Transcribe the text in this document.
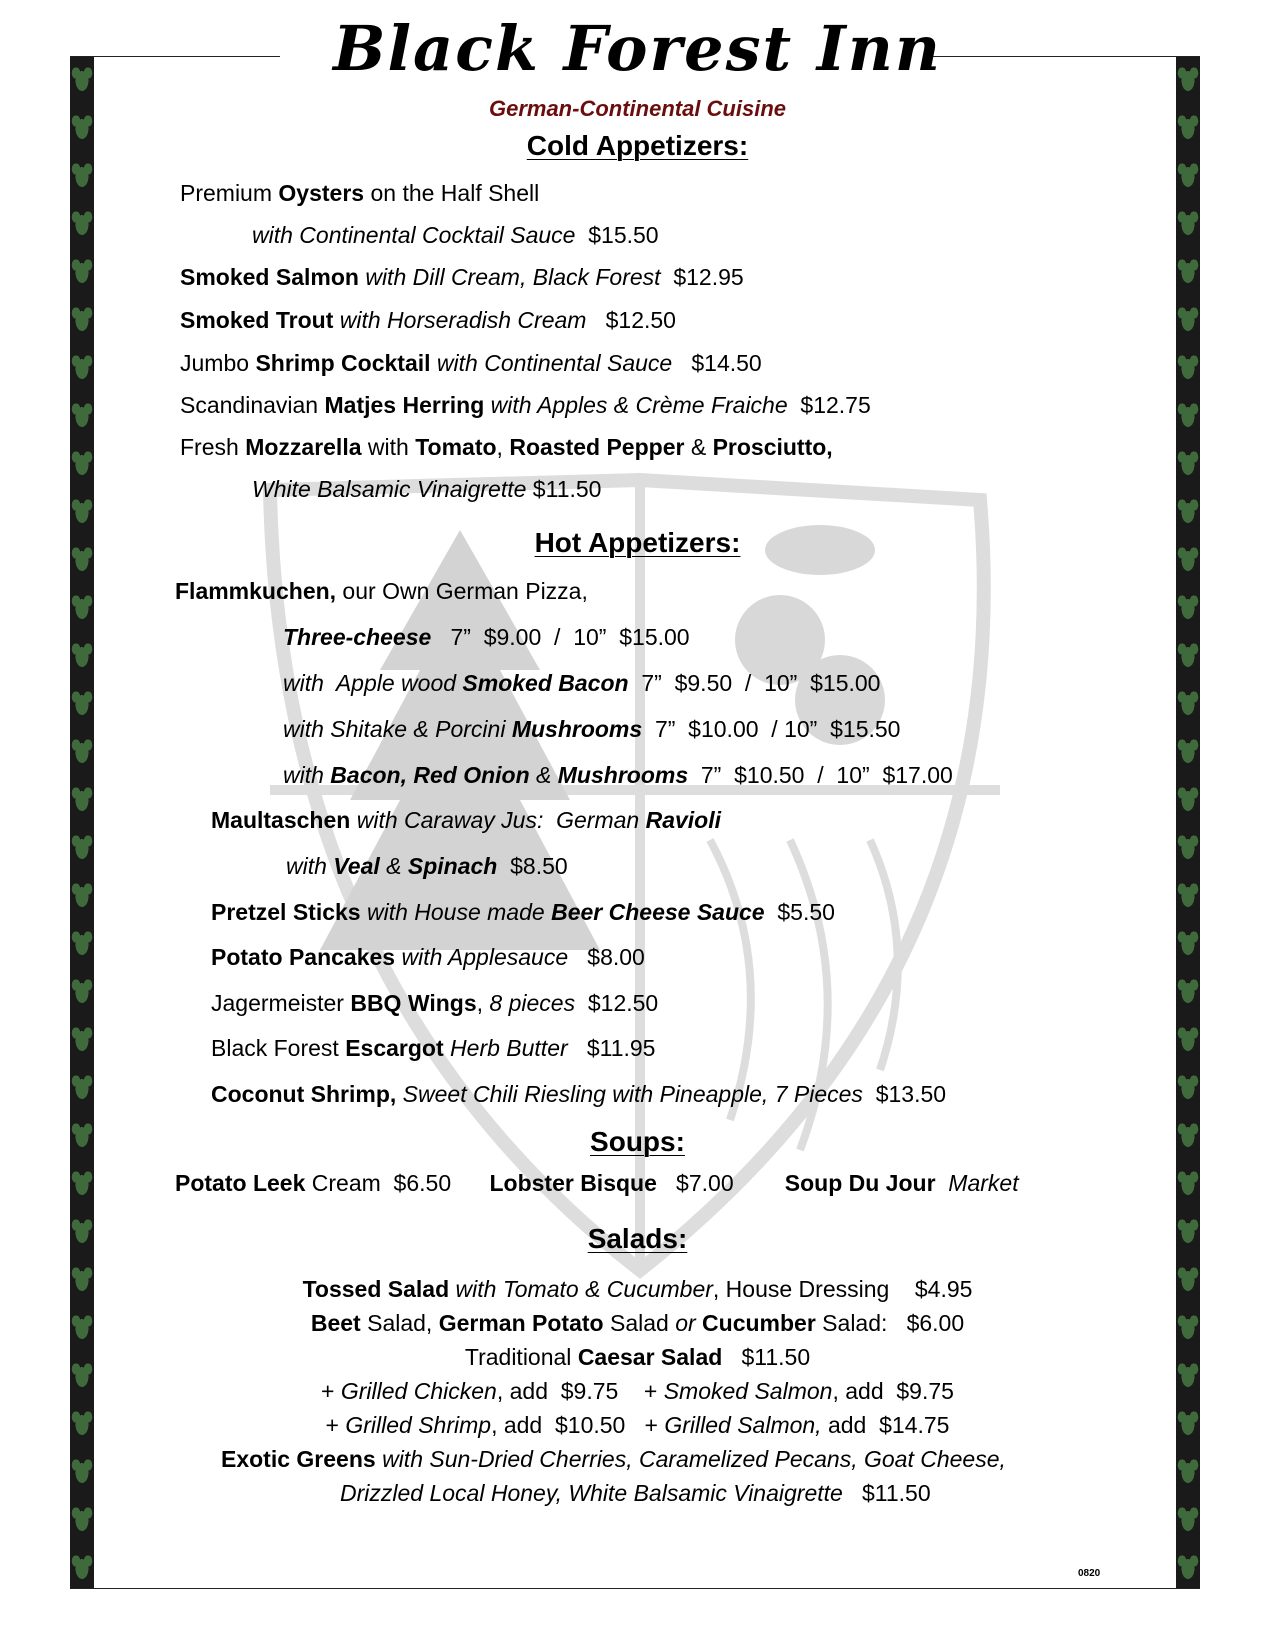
Black Forest Inn
German-Continental Cuisine
Cold Appetizers:
Premium Oysters on the Half Shell
with Continental Cocktail Sauce  $15.50
Smoked Salmon with Dill Cream, Black Forest  $12.95
Smoked Trout with Horseradish Cream   $12.50
Jumbo Shrimp Cocktail with Continental Sauce   $14.50
Scandinavian Matjes Herring with Apples & Crème Fraiche  $12.75
Fresh Mozzarella with Tomato, Roasted Pepper & Prosciutto,
White Balsamic Vinaigrette $11.50
Hot Appetizers:
Flammkuchen, our Own German Pizza,
Three-cheese   7”  $9.00  /  10”  $15.00
with  Apple wood Smoked Bacon  7”  $9.50  /  10”  $15.00
with Shitake & Porcini Mushrooms  7”  $10.00  / 10”  $15.50
with Bacon, Red Onion & Mushrooms  7”  $10.50  /  10”  $17.00
Maultaschen with Caraway Jus:  German Ravioli
with Veal & Spinach  $8.50
Pretzel Sticks with House made Beer Cheese Sauce  $5.50
Potato Pancakes with Applesauce   $8.00
Jagermeister BBQ Wings, 8 pieces  $12.50
Black Forest Escargot Herb Butter   $11.95
Coconut Shrimp, Sweet Chili Riesling with Pineapple, 7 Pieces  $13.50
Soups:
Potato Leek Cream  $6.50      Lobster Bisque   $7.00        Soup Du Jour  Market
Salads:
Tossed Salad with Tomato & Cucumber, House Dressing    $4.95
Beet Salad, German Potato Salad or Cucumber Salad:   $6.00
Traditional Caesar Salad   $11.50
+ Grilled Chicken, add  $9.75    + Smoked Salmon, add  $9.75
+ Grilled Shrimp, add  $10.50   + Grilled Salmon, add  $14.75
Exotic Greens with Sun-Dried Cherries, Caramelized Pecans, Goat Cheese,
Drizzled Local Honey, White Balsamic Vinaigrette   $11.50
0820
